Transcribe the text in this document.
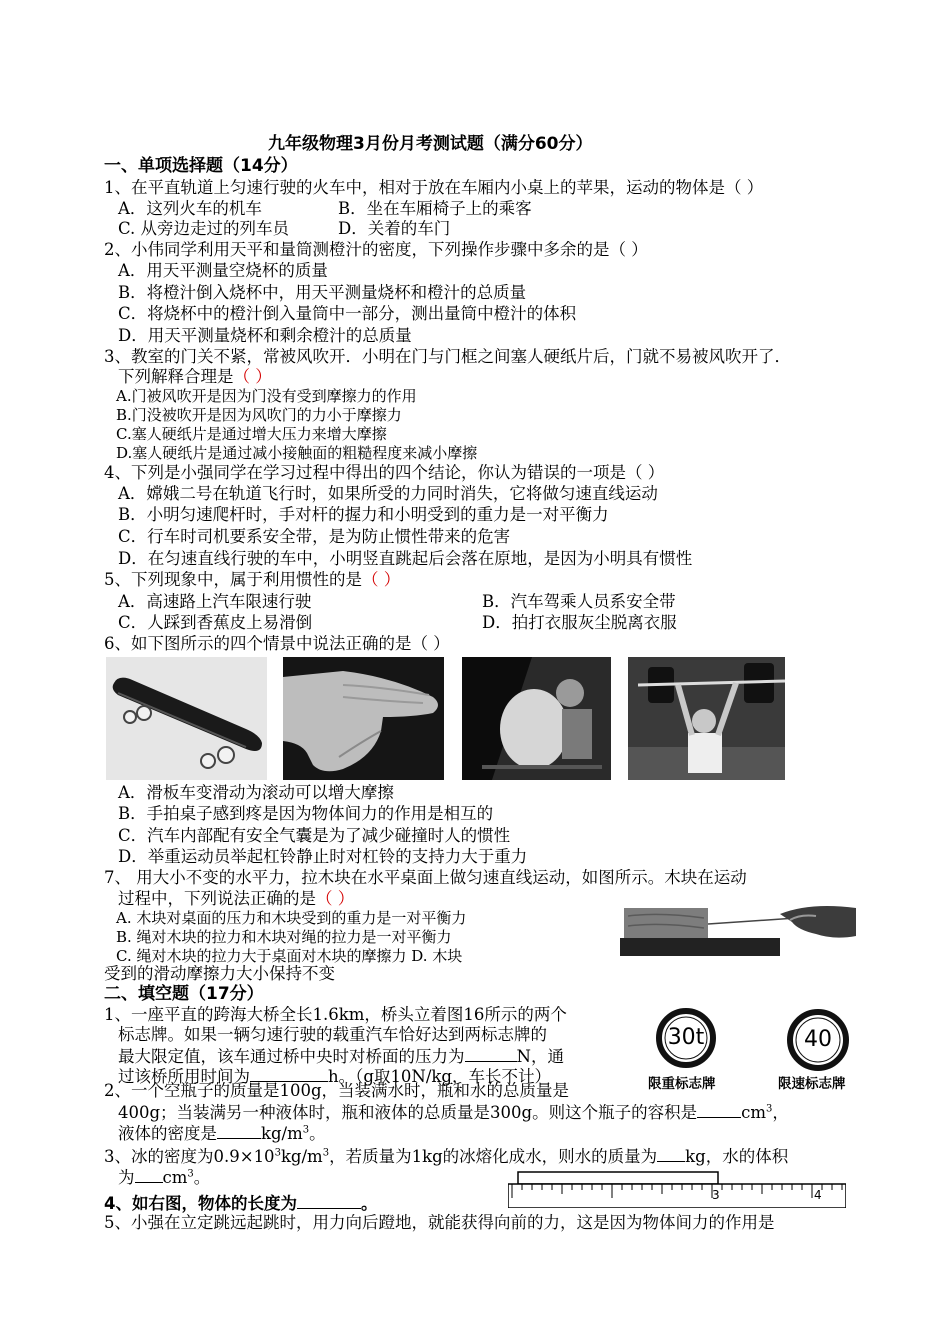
九年级物理3月份月考测试题（满分60分）
一、单项选择题（14分）
1、在平直轨道上匀速行驶的火车中，相对于放在车厢内小桌上的苹果，运动的物体是（ ）
A．这列火车的机车	B．坐在车厢椅子上的乘客
C. 从旁边走过的列车员	D．关着的车门
2、小伟同学利用天平和量筒测橙汁的密度，下列操作步骤中多余的是（ ）
A．用天平测量空烧杯的质量
B．将橙汁倒入烧杯中，用天平测量烧杯和橙汁的总质量
C．将烧杯中的橙汁倒入量筒中一部分，测出量筒中橙汁的体积
D．用天平测量烧杯和剩余橙汁的总质量
3、教室的门关不紧，常被风吹开．小明在门与门框之间塞人硬纸片后，门就不易被风吹开了．
下列解释合理是（ ）
A.门被风吹开是因为门没有受到摩擦力的作用
B.门没被吹开是因为风吹门的力小于摩擦力
C.塞人硬纸片是通过增大压力来增大摩擦
D.塞人硬纸片是通过减小接触面的粗糙程度来减小摩擦
4、下列是小强同学在学习过程中得出的四个结论，你认为错误的一项是（ ）
A．嫦娥二号在轨道飞行时，如果所受的力同时消失，它将做匀速直线运动
B．小明匀速爬杆时，手对杆的握力和小明受到的重力是一对平衡力
C．行车时司机要系安全带，是为防止惯性带来的危害
D．在匀速直线行驶的车中，小明竖直跳起后会落在原地，是因为小明具有惯性
5、下列现象中，属于利用惯性的是（ ）
A．高速路上汽车限速行驶	B．汽车驾乘人员系安全带
C．人踩到香蕉皮上易滑倒	D．拍打衣服灰尘脱离衣服
6、如下图所示的四个情景中说法正确的是（ ）
A．滑板车变滑动为滚动可以增大摩擦
B．手拍桌子感到疼是因为物体间力的作用是相互的
C．汽车内部配有安全气囊是为了减少碰撞时人的惯性
D．举重运动员举起杠铃静止时对杠铃的支持力大于重力
7、 用大小不变的水平力，拉木块在水平桌面上做匀速直线运动，如图所示。木块在运动
过程中，下列说法正确的是（ ）
A. 木块对桌面的压力和木块受到的重力是一对平衡力
B. 绳对木块的拉力和木块对绳的拉力是一对平衡力
C. 绳对木块的拉力大于桌面对木块的摩擦力 D. 木块
受到的滑动摩擦力大小保持不变
二、填空题（17分）
1、一座平直的跨海大桥全长1.6km，桥头立着图16所示的两个
标志牌。如果一辆匀速行驶的载重汽车恰好达到两标志牌的
最大限定值，该车通过桥中央时对桥面的压力为	N，通
过该桥所用时间为	h。（g取10N/kg，车长不计）
30t
限重标志牌
40
限速标志牌
2、一个空瓶子的质量是100g，当装满水时，瓶和水的总质量是
400g；当装满另一种液体时，瓶和液体的总质量是300g。则这个瓶子的容积是	$cm^3$，
液体的密度是	$kg/m^3$。
3、冰的密度为$0.9\times 10^3kg/m^3$，若质量为1kg的冰熔化成水，则水的质量为 kg，水的体积
为 $cm^3$。
4、如右图，物体的长度为	。	3	4
5、小强在立定跳远起跳时，用力向后蹬地，就能获得向前的力，这是因为物体间力的作用是
